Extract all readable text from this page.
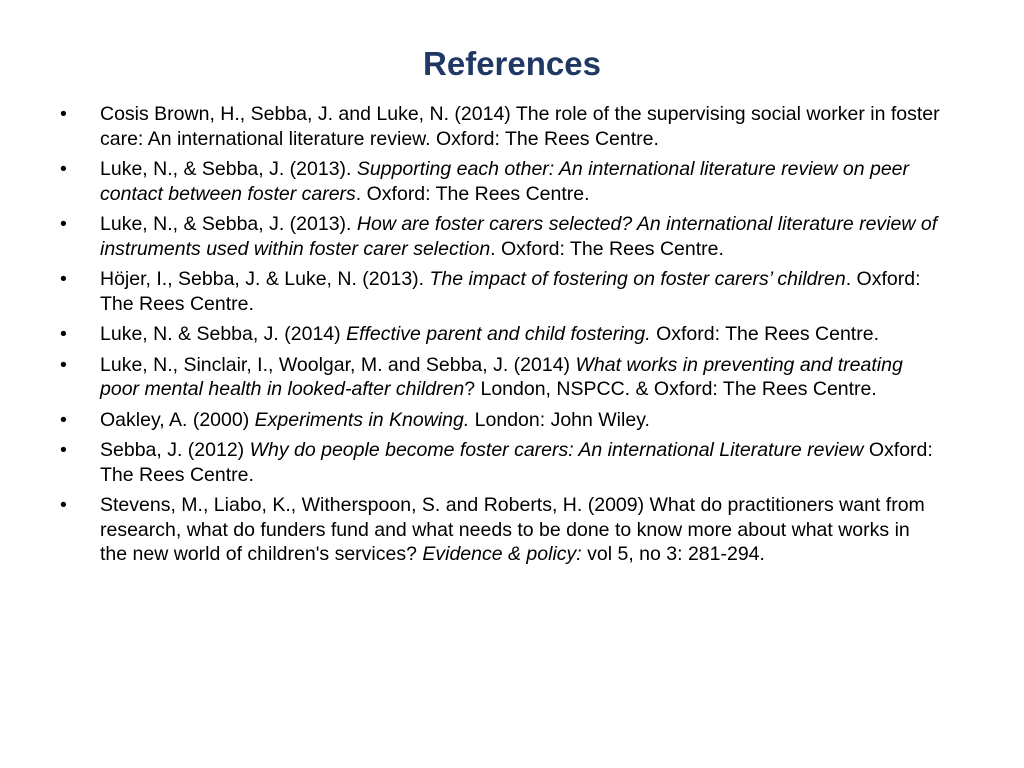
References
•	Cosis Brown, H., Sebba, J. and Luke, N. (2014) The role of the supervising social worker in foster care: An international literature review. Oxford: The Rees Centre.
•	Luke, N., & Sebba, J. (2013). Supporting each other: An international literature review on peer contact between foster carers. Oxford: The Rees Centre.
•	Luke, N., & Sebba, J. (2013). How are foster carers selected? An international literature review of instruments used within foster carer selection. Oxford: The Rees Centre.
•	Höjer, I., Sebba, J. & Luke, N. (2013). The impact of fostering on foster carers’ children. Oxford: The Rees Centre.
•	Luke, N. & Sebba, J. (2014) Effective parent and child fostering. Oxford: The Rees Centre.
•	Luke, N., Sinclair, I., Woolgar, M. and Sebba, J. (2014) What works in preventing and treating poor mental health in looked-after children? London, NSPCC. & Oxford: The Rees Centre.
•	Oakley, A. (2000) Experiments in Knowing. London: John Wiley.
•	Sebba, J. (2012) Why do people become foster carers: An international Literature review Oxford: The Rees Centre.
•	Stevens, M., Liabo, K., Witherspoon, S. and Roberts, H. (2009) What do practitioners want from research, what do funders fund and what needs to be done to know more about what works in the new world of children's services? Evidence & policy: vol 5, no 3: 281-294.
